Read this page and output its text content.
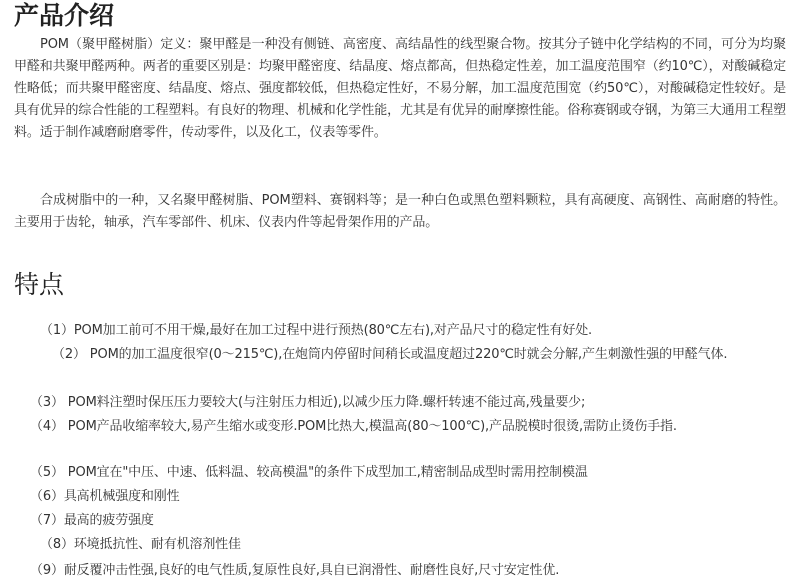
产品介绍

POM（聚甲醛树脂）定义：聚甲醛是一种没有侧链、高密度、高结晶性的线型聚合物。按其分子链中化学结构的不同，可分为均聚甲醛和共聚甲醛两种。两者的重要区别是：均聚甲醛密度、结晶度、熔点都高，但热稳定性差，加工温度范围窄（约10℃），对酸碱稳定性略低；而共聚甲醛密度、结晶度、熔点、强度都较低，但热稳定性好，不易分解，加工温度范围宽（约50℃），对酸碱稳定性较好。是具有优异的综合性能的工程塑料。有良好的物理、机械和化学性能，尤其是有优异的耐摩擦性能。俗称赛钢或夺钢，为第三大通用工程塑料。适于制作减磨耐磨零件，传动零件，以及化工，仪表等零件。

合成树脂中的一种，又名聚甲醛树脂、POM塑料、赛钢料等；是一种白色或黑色塑料颗粒，具有高硬度、高钢性、高耐磨的特性。主要用于齿轮，轴承，汽车零部件、机床、仪表内件等起骨架作用的产品。

特点

（1）POM加工前可不用干燥,最好在加工过程中进行预热(80℃左右),对产品尺寸的稳定性有好处.

（2） POM的加工温度很窄(0～215℃),在炮筒内停留时间稍长或温度超过220℃时就会分解,产生刺激性强的甲醛气体.

（3） POM料注塑时保压压力要较大(与注射压力相近),以减少压力降.螺杆转速不能过高,残量要少;

（4） POM产品收缩率较大,易产生缩水或变形.POM比热大,模温高(80～100℃),产品脱模时很烫,需防止烫伤手指.

（5） POM宜在"中压、中速、低料温、较高模温"的条件下成型加工,精密制品成型时需用控制模温

（6）具高机械强度和刚性

（7）最高的疲劳强度

（8）环境抵抗性、耐有机溶剂性佳

（9）耐反覆冲击性强,良好的电气性质,复原性良好,具自已润滑性、耐磨性良好,尺寸安定性优.
